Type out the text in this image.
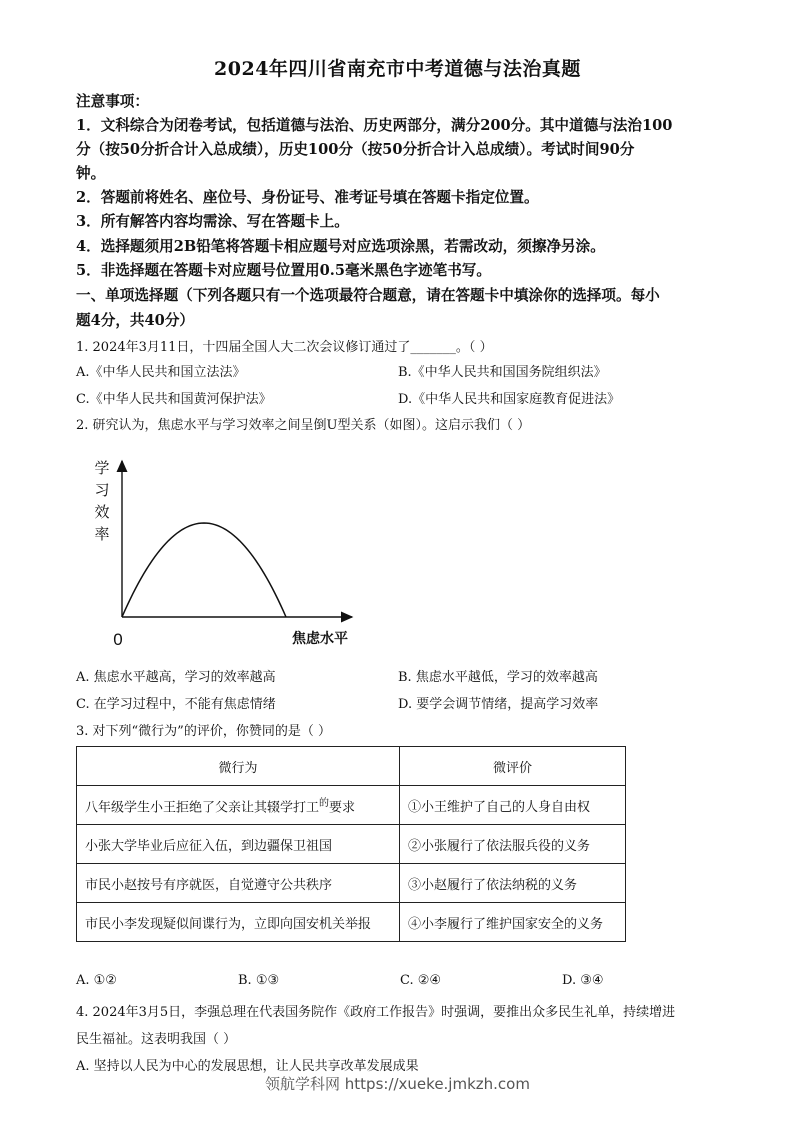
2024年四川省南充市中考道德与法治真题
注意事项：
1．文科综合为闭卷考试，包括道德与法治、历史两部分，满分200分。其中道德与法治100
分（按50分折合计入总成绩），历史100分（按50分折合计入总成绩）。考试时间90分
钟。
2．答题前将姓名、座位号、身份证号、准考证号填在答题卡指定位置。
3．所有解答内容均需涂、写在答题卡上。
4．选择题须用2B铅笔将答题卡相应题号对应选项涂黑，若需改动，须擦净另涂。
5．非选择题在答题卡对应题号位置用0.5毫米黑色字迹笔书写。
一、单项选择题（下列各题只有一个选项最符合题意，请在答题卡中填涂你的选择项。每小
题4分，共40分）
1. 2024年3月11日，十四届全国人大二次会议修订通过了_______。（ ）
A.《中华人民共和国立法法》	B.《中华人民共和国国务院组织法》
C.《中华人民共和国黄河保护法》	D.《中华人民共和国家庭教育促进法》
2. 研究认为，焦虑水平与学习效率之间呈倒U型关系（如图）。这启示我们（ ）
学习效率
0	焦虑水平
A. 焦虑水平越高，学习的效率越高	B. 焦虑水平越低，学习的效率越高
C. 在学习过程中，不能有焦虑情绪	D. 要学会调节情绪，提高学习效率
3. 对下列“微行为”的评价，你赞同的是（ ）
微行为	微评价
八年级学生小王拒绝了父亲让其辍学打工$^的$要求	①小王维护了自己的人身自由权
小张大学毕业后应征入伍，到边疆保卫祖国	②小张履行了依法服兵役的义务
市民小赵按号有序就医，自觉遵守公共秩序	③小赵履行了依法纳税的义务
市民小李发现疑似间谍行为，立即向国安机关举报	④小李履行了维护国家安全的义务
A. ①②	B. ①③	C. ②④	D. ③④
4. 2024年3月5日，李强总理在代表国务院作《政府工作报告》时强调，要推出众多民生礼单，持续增进
民生福祉。这表明我国（ ）
A. 坚持以人民为中心的发展思想，让人民共享改革发展成果
领航学科网 https://xueke.jmkzh.com
